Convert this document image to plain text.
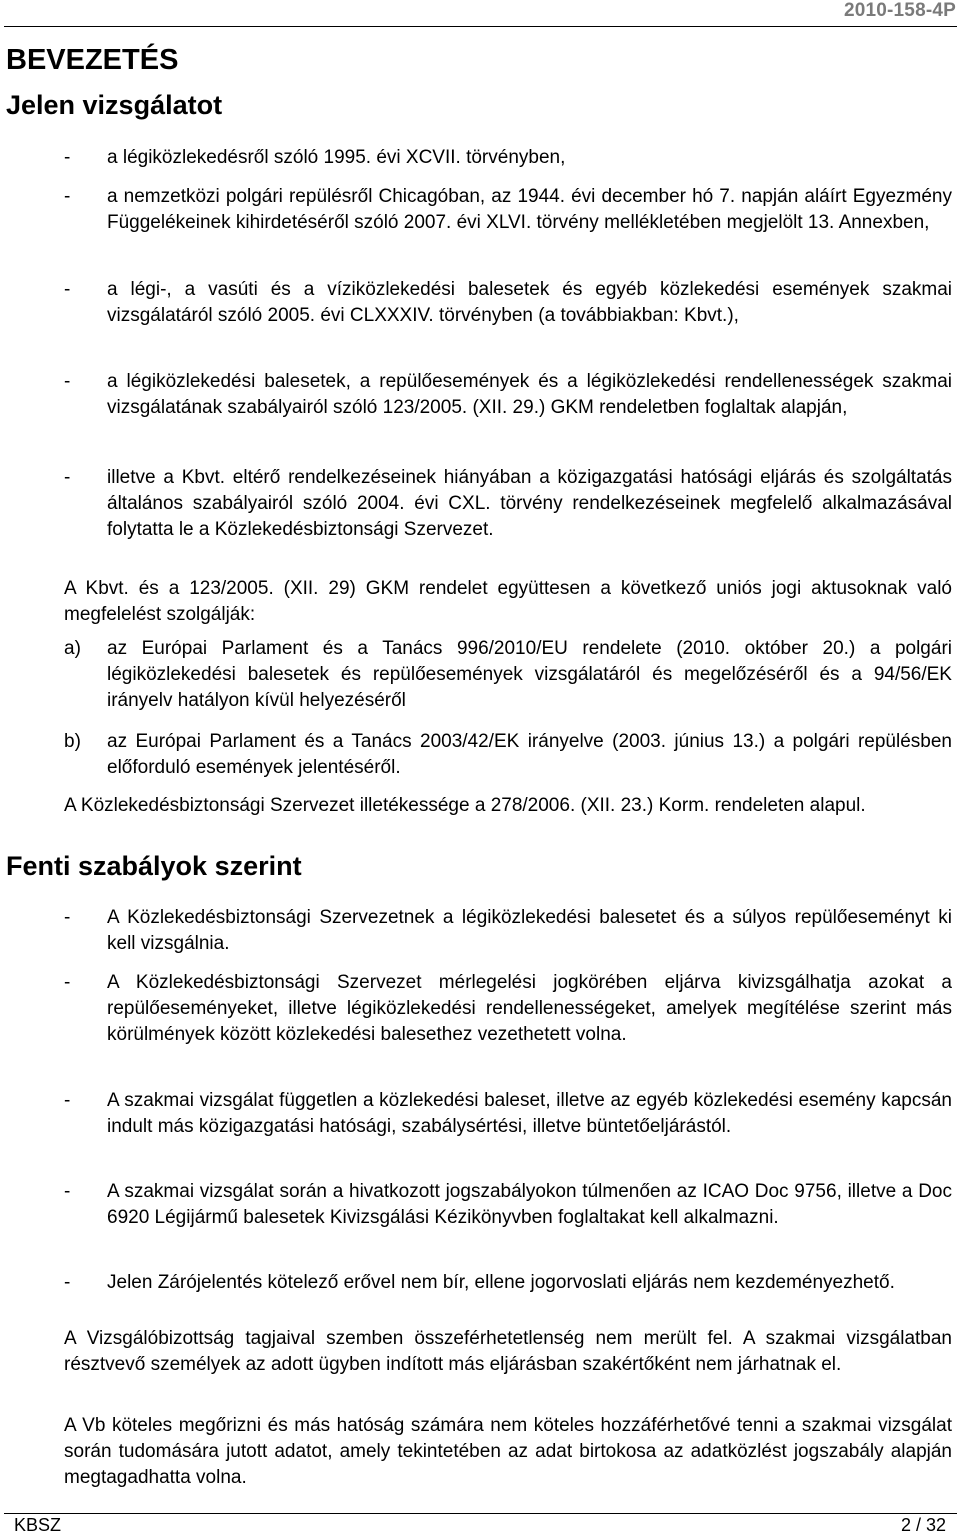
2010-158-4P
BEVEZETÉS
Jelen vizsgálatot
- a légiközlekedésről szóló 1995. évi XCVII. törvényben,
- a nemzetközi polgári repülésről Chicagóban, az 1944. évi december hó 7. napján aláírt Egyezmény Függelékeinek kihirdetéséről szóló 2007. évi XLVI. törvény mellékletében megjelölt 13. Annexben,
- a légi-, a vasúti és a víziközlekedési balesetek és egyéb közlekedési események szakmai vizsgálatáról szóló 2005. évi CLXXXIV. törvényben (a továbbiakban: Kbvt.),
- a légiközlekedési balesetek, a repülőesemények és a légiközlekedési rendellenességek szakmai vizsgálatának szabályairól szóló 123/2005. (XII. 29.) GKM rendeletben foglaltak alapján,
- illetve a Kbvt. eltérő rendelkezéseinek hiányában a közigazgatási hatósági eljárás és szolgáltatás általános szabályairól szóló 2004. évi CXL. törvény rendelkezéseinek megfelelő alkalmazásával folytatta le a Közlekedésbiztonsági Szervezet.

A Kbvt. és a 123/2005. (XII. 29) GKM rendelet együttesen a következő uniós jogi aktusoknak való megfelelést szolgálják:

a) az Európai Parlament és a Tanács 996/2010/EU rendelete (2010. október 20.) a polgári légiközlekedési balesetek és repülőesemények vizsgálatáról és megelőzéséről és a 94/56/EK irányelv hatályon kívül helyezéséről
b) az Európai Parlament és a Tanács 2003/42/EK irányelve (2003. június 13.) a polgári repülésben előforduló események jelentéséről.

A Közlekedésbiztonsági Szervezet illetékessége a 278/2006. (XII. 23.) Korm. rendeleten alapul.

Fenti szabályok szerint
- A Közlekedésbiztonsági Szervezetnek a légiközlekedési balesetet és a súlyos repülőeseményt ki kell vizsgálnia.
- A Közlekedésbiztonsági Szervezet mérlegelési jogkörében eljárva kivizsgálhatja azokat a repülőeseményeket, illetve légiközlekedési rendellenességeket, amelyek megítélése szerint más körülmények között közlekedési balesethez vezethetett volna.
- A szakmai vizsgálat független a közlekedési baleset, illetve az egyéb közlekedési esemény kapcsán indult más közigazgatási hatósági, szabálysértési, illetve büntetőeljárástól.
- A szakmai vizsgálat során a hivatkozott jogszabályokon túlmenően az ICAO Doc 9756, illetve a Doc 6920 Légijármű balesetek Kivizsgálási Kézikönyvben foglaltakat kell alkalmazni.
- Jelen Zárójelentés kötelező erővel nem bír, ellene jogorvoslati eljárás nem kezdeményezhető.

A Vizsgálóbizottság tagjaival szemben összeférhetetlenség nem merült fel. A szakmai vizsgálatban résztvevő személyek az adott ügyben indított más eljárásban szakértőként nem járhatnak el.

A Vb köteles megőrizni és más hatóság számára nem köteles hozzáférhetővé tenni a szakmai vizsgálat során tudomására jutott adatot, amely tekintetében az adat birtokosa az adatközlést jogszabály alapján megtagadhatta volna.

KBSZ	2 / 32
